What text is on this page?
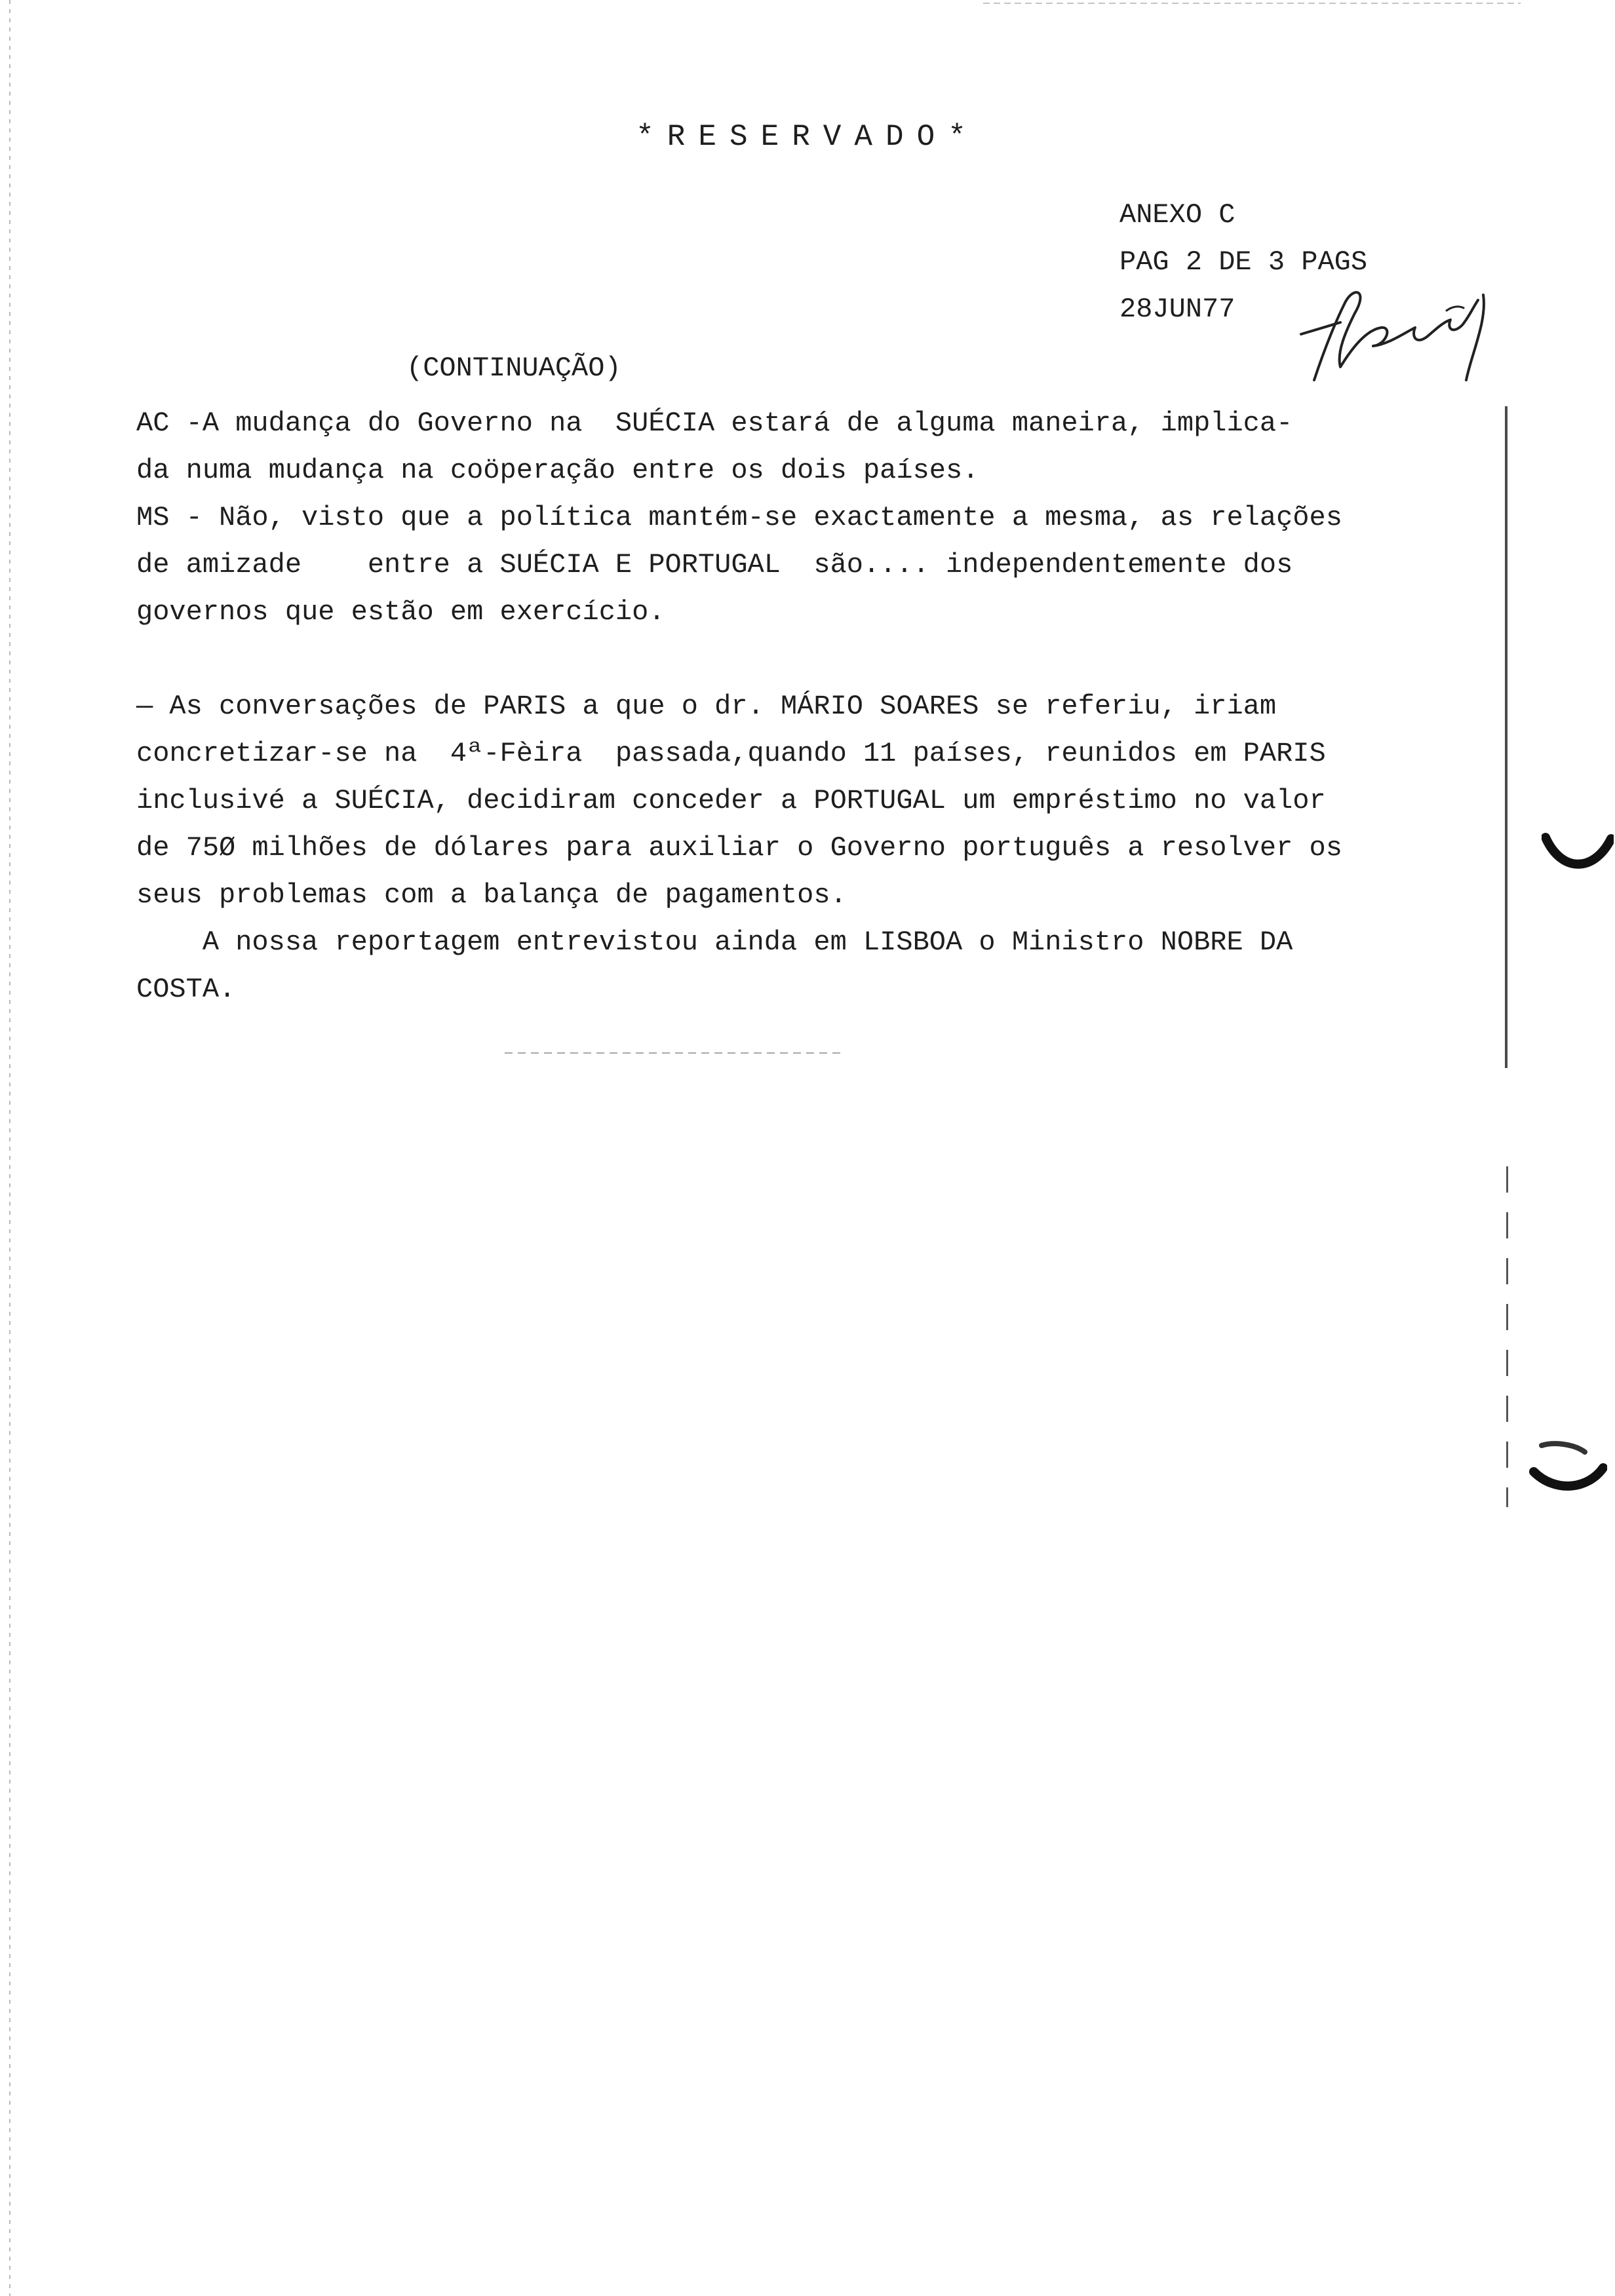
*RESERVADO*
ANEXO C
PAG 2 DE 3 PAGS
28JUN77
(CONTINUAÇÃO)

AC -A mudança do Governo na  SUÉCIA estará de alguma maneira, implica-

da numa mudança na coöperação entre os dois países.

MS - Não, visto que a política mantém-se exactamente a mesma, as relações

de amizade    entre a SUÉCIA E PORTUGAL  são.... independentemente dos

governos que estão em exercício.

— As conversações de PARIS a que o dr. MÁRIO SOARES se referiu, iriam

concretizar-se na  4ª-Fèira  passada,quando 11 países, reunidos em PARIS

inclusivé a SUÉCIA, decidiram conceder a PORTUGAL um empréstimo no valor

de 75Ø milhões de dólares para auxiliar o Governo português a resolver os

seus problemas com a balança de pagamentos.

A nossa reportagem entrevistou ainda em LISBOA o Ministro NOBRE DA

COSTA.
